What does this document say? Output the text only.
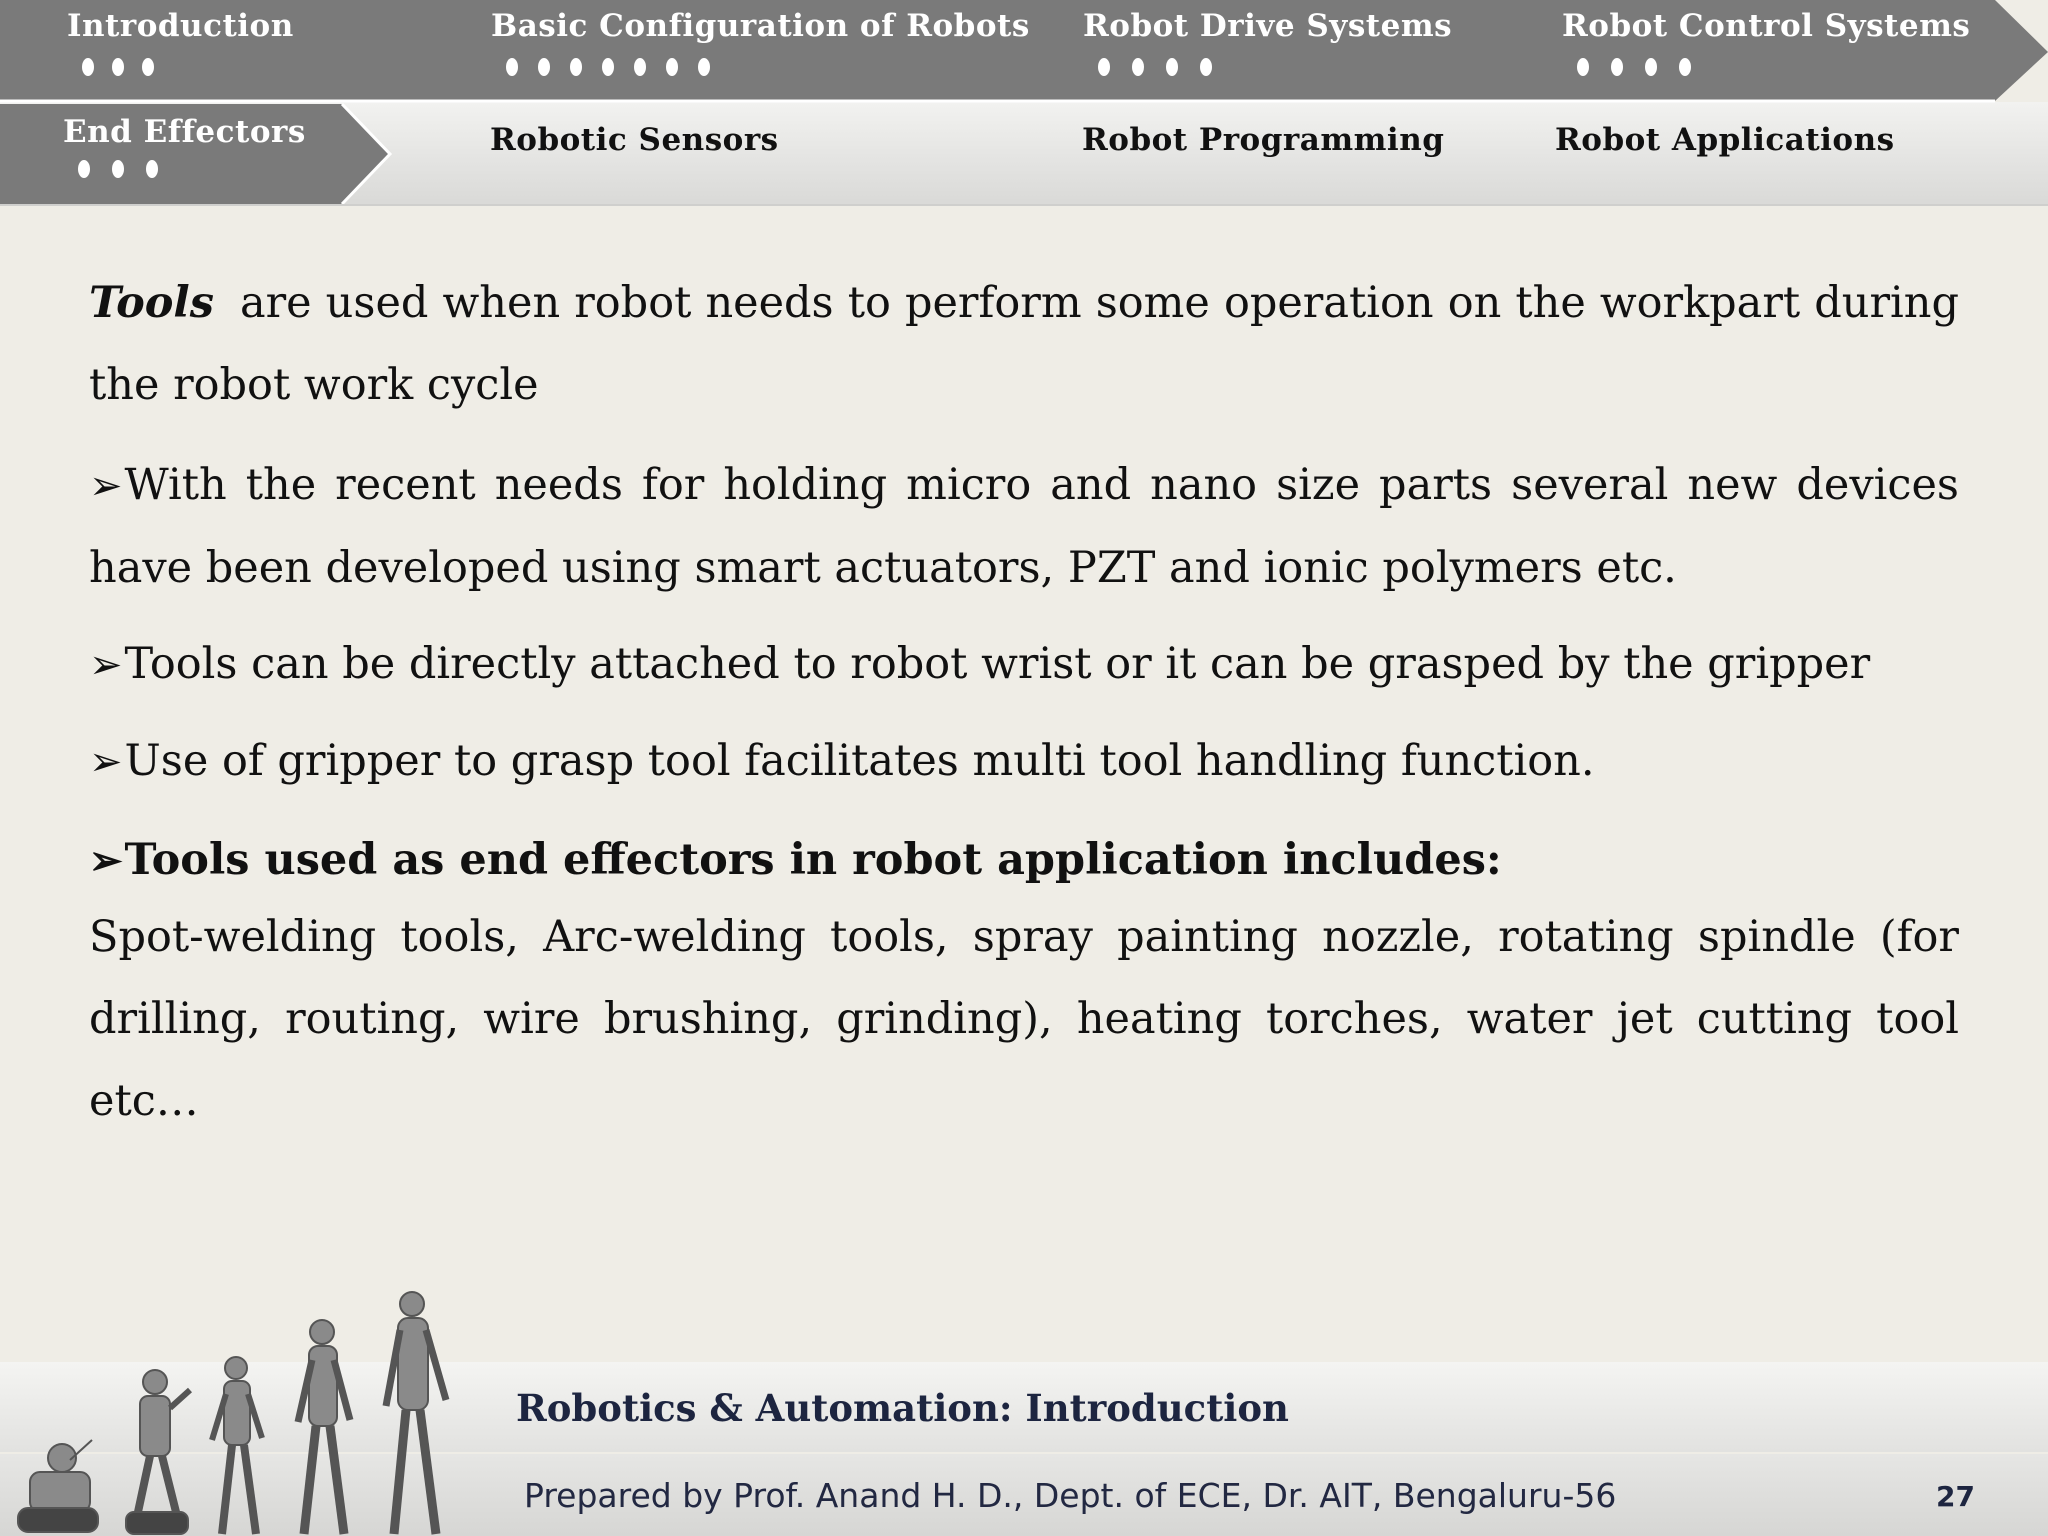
Introduction	Basic Configuration of Robots Robot Drive Systems	Robot Control Systems
End Effectors	Robotic Sensors	Robot Programming	Robot Applications

Tools are used when robot needs to perform some operation on the workpart during the robot work cycle

➢With the recent needs for holding micro and nano size parts several new devices have been developed using smart actuators, PZT and ionic polymers etc.

➢Tools can be directly attached to robot wrist or it can be grasped by the gripper

➢Use of gripper to grasp tool facilitates multi tool handling function.

➢Tools used as end effectors in robot application includes:

Spot-welding tools, Arc-welding tools, spray painting nozzle, rotating spindle (for drilling, routing, wire brushing, grinding), heating torches, water jet cutting tool etc…

Robotics & Automation: Introduction
Prepared by Prof. Anand H. D., Dept. of ECE, Dr. AIT, Bengaluru-56	27
